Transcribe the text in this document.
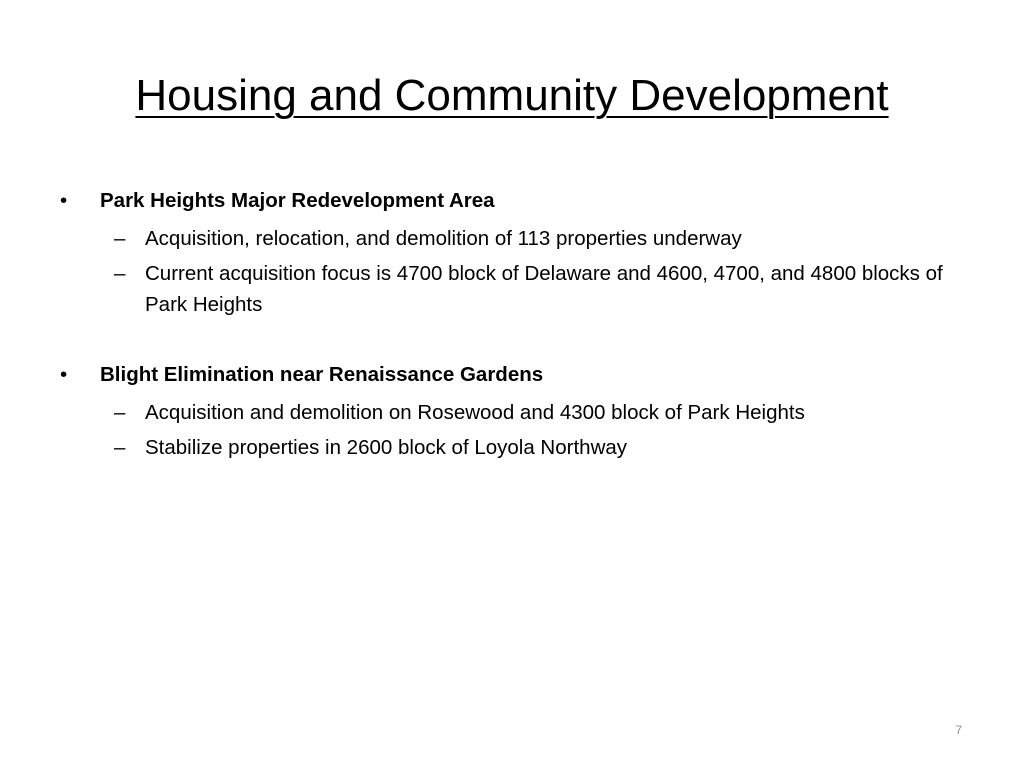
Housing and Community Development
• Park Heights Major Redevelopment Area
– Acquisition, relocation, and demolition of 113 properties underway
– Current acquisition focus is 4700 block of Delaware and 4600, 4700, and 4800 blocks of Park Heights
• Blight Elimination near Renaissance Gardens
– Acquisition and demolition on Rosewood and 4300 block of Park Heights
– Stabilize properties in 2600 block of Loyola Northway
7
